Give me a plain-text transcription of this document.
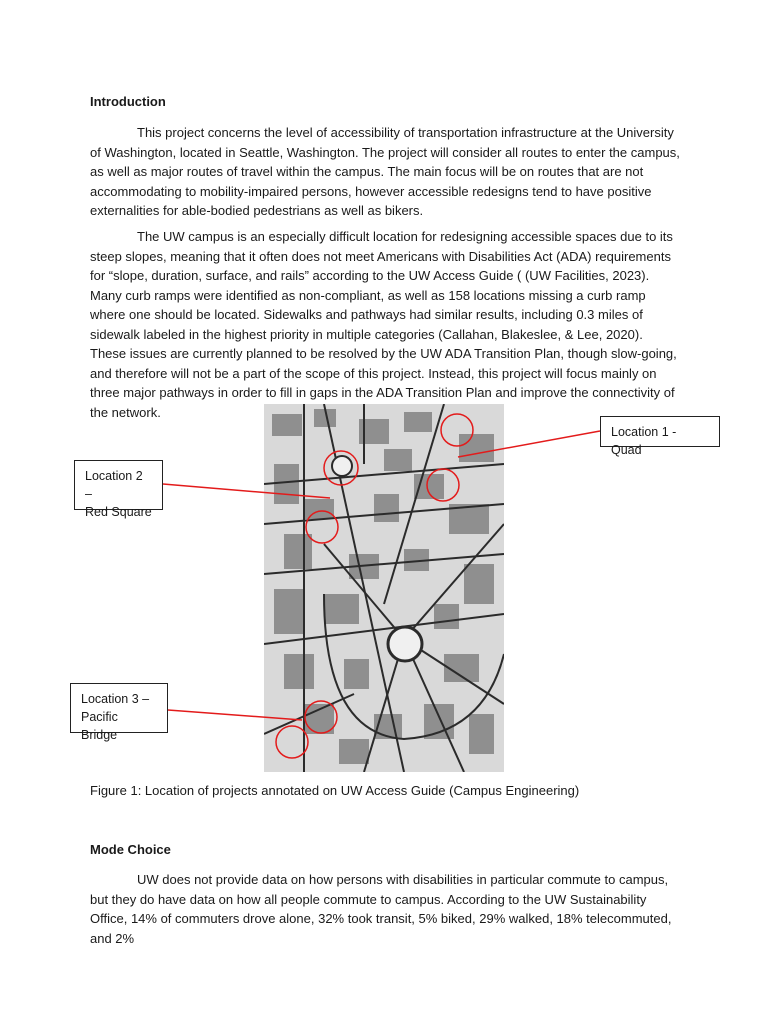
Introduction

This project concerns the level of accessibility of transportation infrastructure at the University of Washington, located in Seattle, Washington. The project will consider all routes to enter the campus, as well as major routes of travel within the campus. The main focus will be on routes that are not accommodating to mobility-impaired persons, however accessible redesigns tend to have positive externalities for able-bodied pedestrians as well as bikers.

The UW campus is an especially difficult location for redesigning accessible spaces due to its steep slopes, meaning that it often does not meet Americans with Disabilities Act (ADA) requirements for “slope, duration, surface, and rails” according to the UW Access Guide ( (UW Facilities, 2023). Many curb ramps were identified as non-compliant, as well as 158 locations missing a curb ramp where one should be located. Sidewalks and pathways had similar results, including 0.3 miles of sidewalk labeled in the highest priority in multiple categories (Callahan, Blakeslee, & Lee, 2020). These issues are currently planned to be resolved by the UW ADA Transition Plan, though slow-going, and therefore will not be a part of the scope of this project. Instead, this project will focus mainly on three major pathways in order to fill in gaps in the ADA Transition Plan and improve the connectivity of the network.

Location 1 - Quad
Location 2 –
Red Square
Location 3 –
Pacific Bridge
Figure 1: Location of projects annotated on UW Access Guide (Campus Engineering)
Mode Choice

UW does not provide data on how persons with disabilities in particular commute to campus, but they do have data on how all people commute to campus. According to the UW Sustainability Office, 14% of commuters drove alone, 32% took transit, 5% biked, 29% walked, 18% telecommuted, and 2%
